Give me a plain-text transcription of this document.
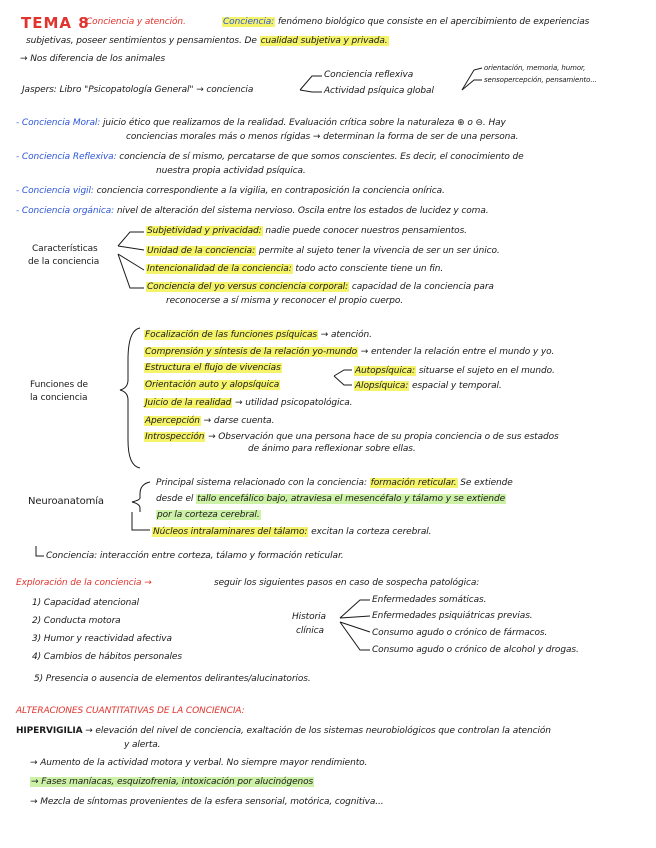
TEMA 8
Conciencia y atención.	Conciencia: fenómeno biológico que consiste en el apercibimiento de experiencias
subjetivas, poseer sentimientos y pensamientos. De cualidad subjetiva y privada.
→ Nos diferencia de los animales
Jaspers: Libro "Psicopatología General" → conciencia
Conciencia reflexiva
Actividad psíquica global
orientación, memoria, humor,
sensopercepción, pensamiento...
- Conciencia Moral: juicio ético que realizamos de la realidad. Evaluación crítica sobre la naturaleza ⊕ o ⊖. Hay
conciencias morales más o menos rígidas → determinan la forma de ser de una persona.
- Conciencia Reflexiva: conciencia de sí mismo, percatarse de que somos conscientes. Es decir, el conocimiento de
nuestra propia actividad psíquica.
- Conciencia vigil: conciencia correspondiente a la vigilia, en contraposición la conciencia onírica.
- Conciencia orgánica: nivel de alteración del sistema nervioso. Oscila entre los estados de lucidez y coma.
Características
de la conciencia
Subjetividad y privacidad: nadie puede conocer nuestros pensamientos.
Unidad de la conciencia: permite al sujeto tener la vivencia de ser un ser único.
Intencionalidad de la conciencia: todo acto consciente tiene un fin.
Conciencia del yo versus conciencia corporal: capacidad de la conciencia para
reconocerse a sí misma y reconocer el propio cuerpo.
Funciones de
la conciencia
Focalización de las funciones psíquicas → atención.
Comprensión y síntesis de la relación yo-mundo → entender la relación entre el mundo y yo.
Estructura el flujo de vivencias
Orientación auto y alopsíquica
Autopsíquica: situarse el sujeto en el mundo.
Alopsíquica: espacial y temporal.
Juicio de la realidad → utilidad psicopatológica.
Apercepción → darse cuenta.
Introspección → Observación que una persona hace de su propia conciencia o de sus estados
de ánimo para reflexionar sobre ellas.
Neuroanatomía
Principal sistema relacionado con la conciencia: formación reticular. Se extiende
desde el tallo encefálico bajo, atraviesa el mesencéfalo y tálamo y se extiende
por la corteza cerebral.
Núcleos intralaminares del tálamo: excitan la corteza cerebral.
Conciencia: interacción entre corteza, tálamo y formación reticular.
Exploración de la conciencia →	seguir los siguientes pasos en caso de sospecha patológica:
1) Capacidad atencional
2) Conducta motora
3) Humor y reactividad afectiva
4) Cambios de hábitos personales
5) Presencia o ausencia de elementos delirantes/alucinatorios.
Historia
clínica
Enfermedades somáticas.
Enfermedades psiquiátricas previas.
Consumo agudo o crónico de fármacos.
Consumo agudo o crónico de alcohol y drogas.
ALTERACIONES CUANTITATIVAS DE LA CONCIENCIA:
HIPERVIGILIA → elevación del nivel de conciencia, exaltación de los sistemas neurobiológicos que controlan la atención
y alerta.
→ Aumento de la actividad motora y verbal. No siempre mayor rendimiento.
→ Fases maníacas, esquizofrenia, intoxicación por alucinógenos
→ Mezcla de síntomas provenientes de la esfera sensorial, motórica, cognitiva...
